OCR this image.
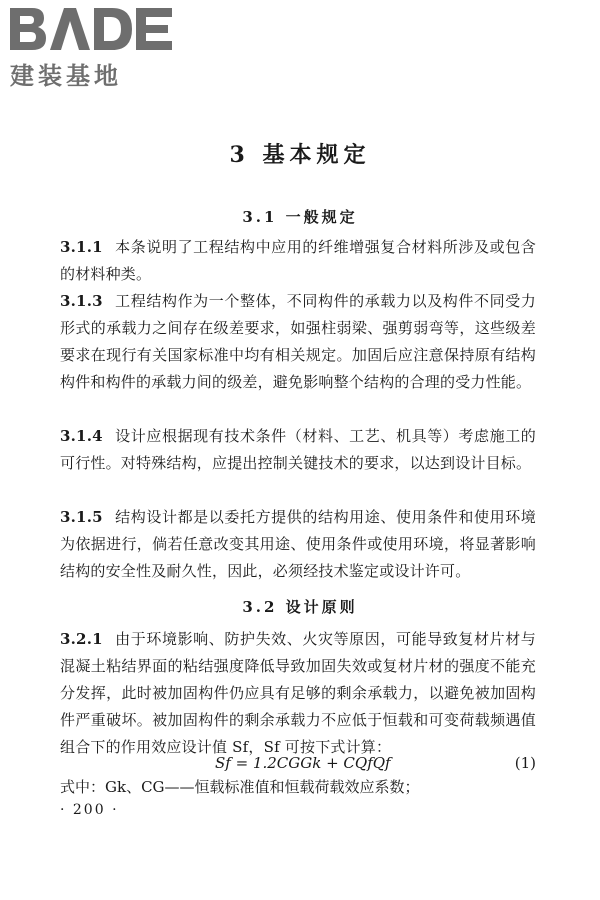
建装基地
3 基本规定
3.1 一般规定
3.1.1 本条说明了工程结构中应用的纤维增强复合材料所涉及或包含的材料种类。
3.1.3 工程结构作为一个整体，不同构件的承载力以及构件不同受力形式的承载力之间存在级差要求，如强柱弱梁、强剪弱弯等，这些级差要求在现行有关国家标准中均有相关规定。加固后应注意保持原有结构构件和构件的承载力间的级差，避免影响整个结构的合理的受力性能。
3.1.4 设计应根据现有技术条件（材料、工艺、机具等）考虑施工的可行性。对特殊结构，应提出控制关键技术的要求，以达到设计目标。
3.1.5 结构设计都是以委托方提供的结构用途、使用条件和使用环境为依据进行，倘若任意改变其用途、使用条件或使用环境，将显著影响结构的安全性及耐久性，因此，必须经技术鉴定或设计许可。
3.2 设计原则
3.2.1 由于环境影响、防护失效、火灾等原因，可能导致复材片材与混凝土粘结界面的粘结强度降低导致加固失效或复材片材的强度不能充分发挥，此时被加固构件仍应具有足够的剩余承载力，以避免被加固构件严重破坏。被加固构件的剩余承载力不应低于恒载和可变荷载频遇值组合下的作用效应设计值 Sf，Sf 可按下式计算：
Sf = 1.2CGGk + CQfQf	(1)
式中：Gk、CG——恒载标准值和恒载荷载效应系数；
· 200 ·
